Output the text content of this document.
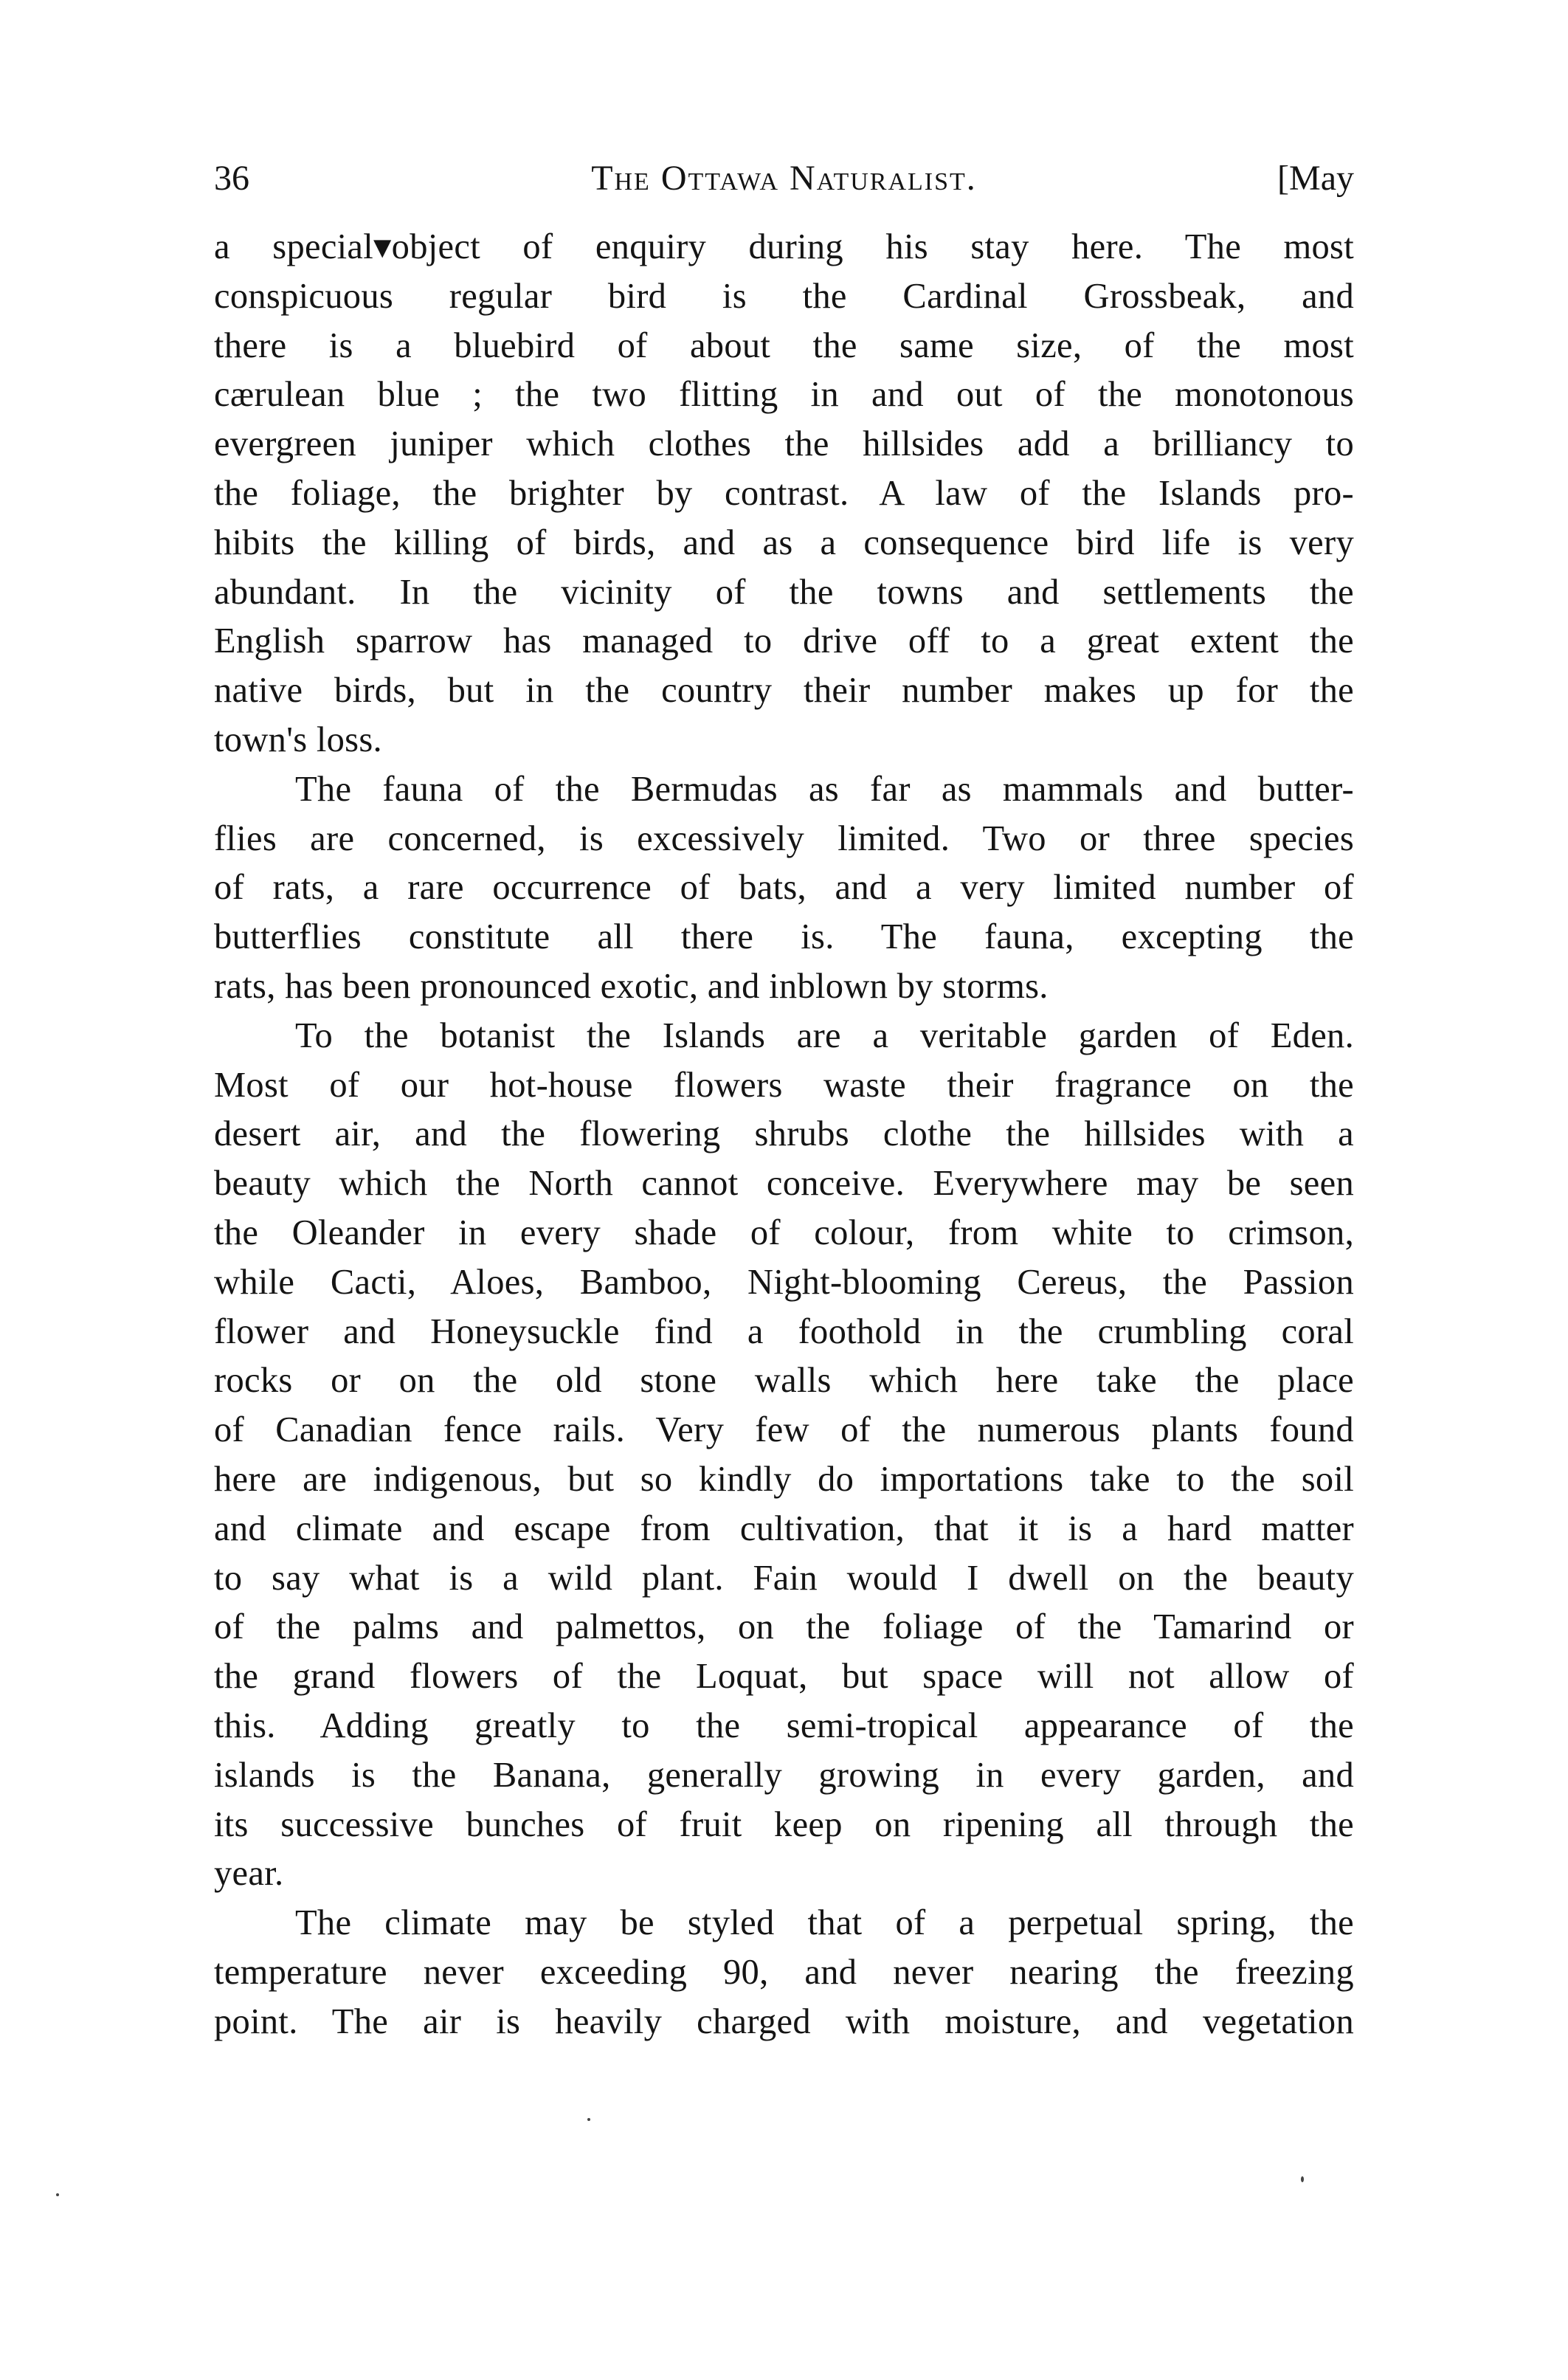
36	The Ottawa Naturalist.	[May

a special▾object of enquiry during his stay here. The most

conspicuous regular bird is the Cardinal Grossbeak, and

there is a bluebird of about the same size, of the most

cærulean blue ; the two flitting in and out of the monotonous

evergreen juniper which clothes the hillsides add a brilliancy to

the foliage, the brighter by contrast. A law of the Islands pro-

hibits the killing of birds, and as a consequence bird life is very

abundant. In the vicinity of the towns and settlements the

English sparrow has managed to drive off to a great extent the

native birds, but in the country their number makes up for the

town's loss.

The fauna of the Bermudas as far as mammals and butter-

flies are concerned, is excessively limited. Two or three species

of rats, a rare occurrence of bats, and a very limited number of

butterflies constitute all there is. The fauna, excepting the

rats, has been pronounced exotic, and inblown by storms.

To the botanist the Islands are a veritable garden of Eden.

Most of our hot-house flowers waste their fragrance on the

desert air, and the flowering shrubs clothe the hillsides with a

beauty which the North cannot conceive. Everywhere may be seen

the Oleander in every shade of colour, from white to crimson,

while Cacti, Aloes, Bamboo, Night-blooming Cereus, the Passion

flower and Honeysuckle find a foothold in the crumbling coral

rocks or on the old stone walls which here take the place

of Canadian fence rails. Very few of the numerous plants found

here are indigenous, but so kindly do importations take to the soil

and climate and escape from cultivation, that it is a hard matter

to say what is a wild plant. Fain would I dwell on the beauty

of the palms and palmettos, on the foliage of the Tamarind or

the grand flowers of the Loquat, but space will not allow of

this. Adding greatly to the semi-tropical appearance of the

islands is the Banana, generally growing in every garden, and

its successive bunches of fruit keep on ripening all through the

year.

The climate may be styled that of a perpetual spring, the

temperature never exceeding 90, and never nearing the freezing

point. The air is heavily charged with moisture, and vegetation
